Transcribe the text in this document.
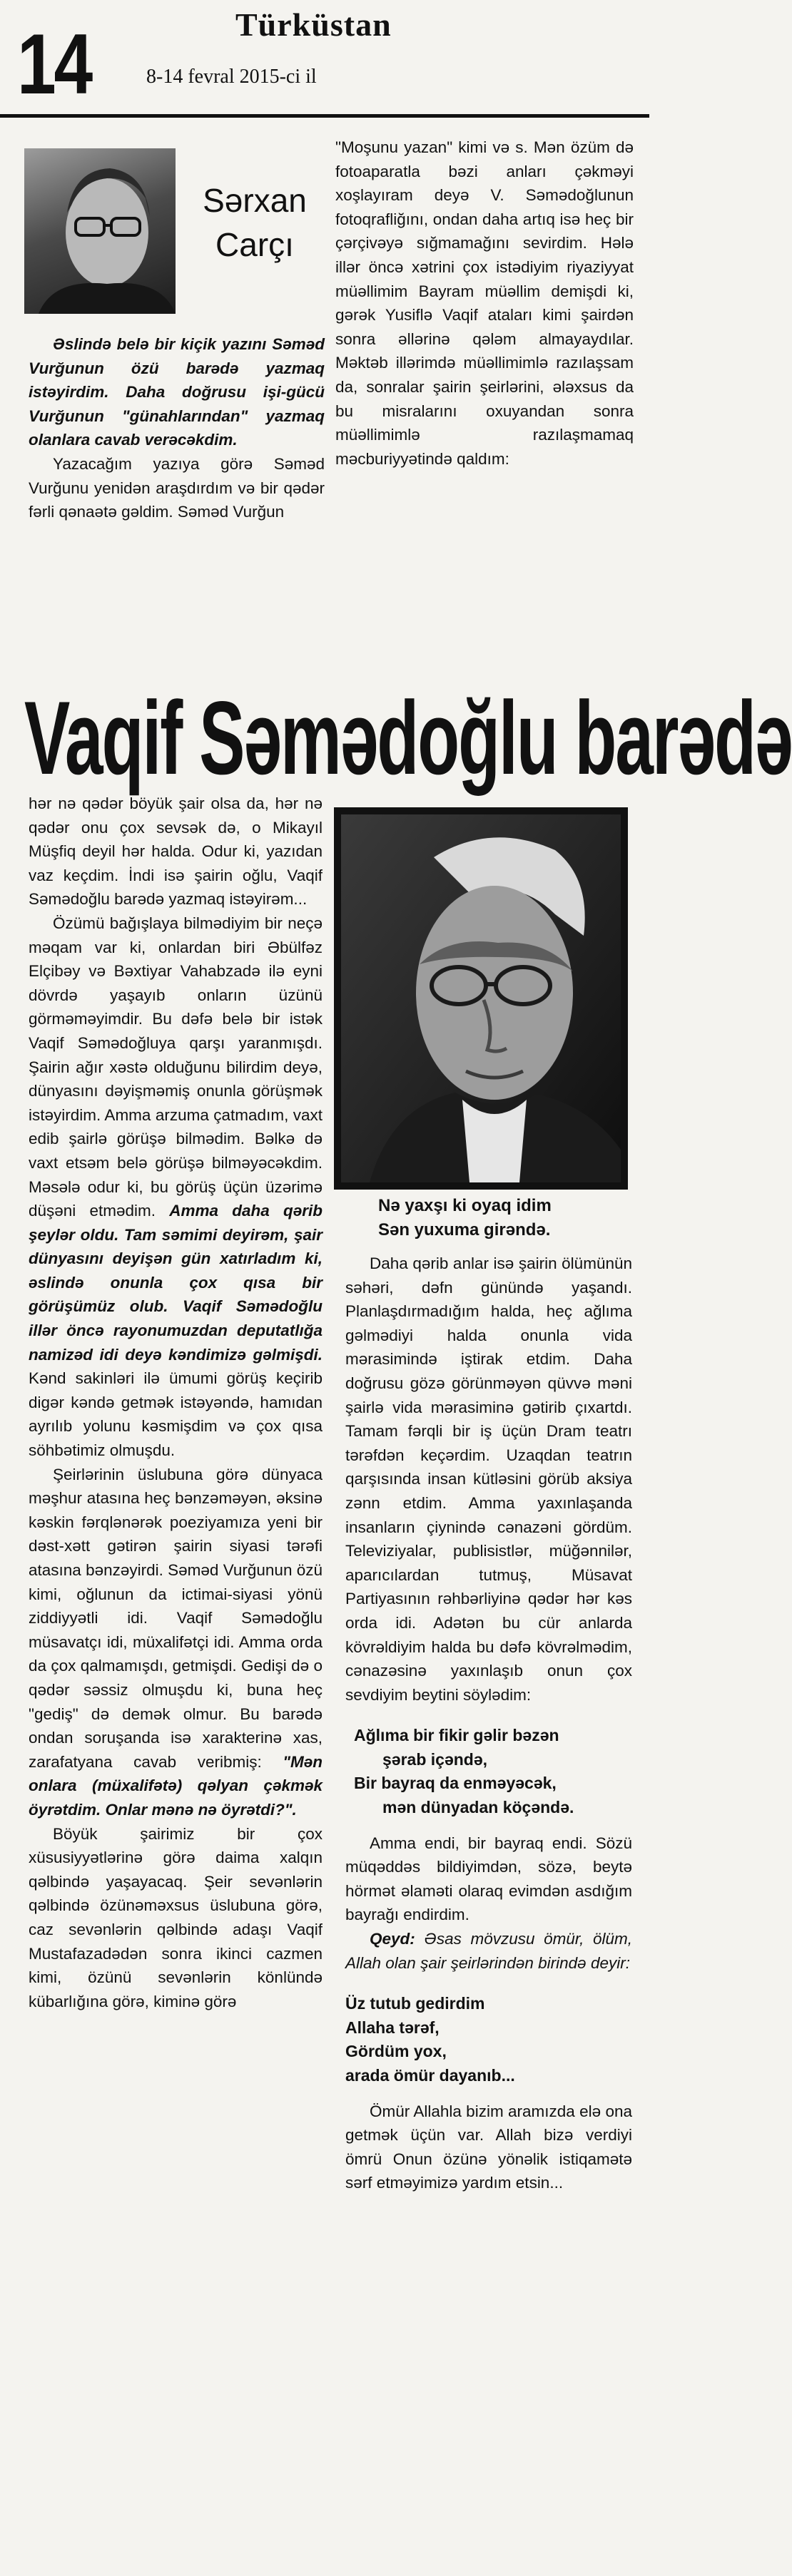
14	Türküstan
8-14 fevral 2015-ci il
Sərxan
Carçı

Əslində belə bir kiçik yazını Səməd Vurğunun özü barədə yazmaq istəyirdim. Daha doğrusu işi-gücü Vurğunun "günahlarından" yazmaq olanlara cavab verəcəkdim.

Yazacağım yazıya görə Səməd Vurğunu yenidən araşdırdım və bir qədər fərli qənaətə gəldim. Səməd Vurğun

"Moşunu yazan" kimi və s. Mən özüm də fotoaparatla bəzi anları çəkməyi xoşlayıram deyə V. Səmədoğlunun fotoqrafliğını, ondan daha artıq isə heç bir çərçivəyə sığmamağını sevirdim. Hələ illər öncə xətrini çox istədiyim riyaziyyat müəllimim Bayram müəllim demişdi ki, gərək Yusiflə Vaqif ataları kimi şairdən sonra əllərinə qələm almayaydılar. Məktəb illərimdə müəllimimlə razılaşsam da, sonralar şairin şeirlərini, ələxsus da bu misralarını oxuyandan sonra müəllimimlə razılaşmamaq məcburiyyətində qaldım:

Vaqif Səmədoğlu barədə
Nə yaxşı ki oyaq idim
Sən yuxuma girəndə.

hər nə qədər böyük şair olsa da, hər nə qədər onu çox sevsək də, o Mikayıl Müşfiq deyil hər halda. Odur ki, yazıdan vaz keçdim. İndi isə şairin oğlu, Vaqif Səmədoğlu barədə yazmaq istəyirəm...

Özümü bağışlaya bilmədiyim bir neçə məqam var ki, onlardan biri Əbülfəz Elçibəy və Bəxtiyar Vahabzadə ilə eyni dövrdə yaşayıb onların üzünü görməməyimdir. Bu dəfə belə bir istək Vaqif Səmədoğluya qarşı yaranmışdı. Şairin ağır xəstə olduğunu bilirdim deyə, dünyasını dəyişməmiş onunla görüşmək istəyirdim. Amma arzuma çatmadım, vaxt edib şairlə görüşə bilmədim. Bəlkə də vaxt etsəm belə görüşə bilməyəcəkdim. Məsələ odur ki, bu görüş üçün üzərimə düşəni etmədim. Amma daha qərib şeylər oldu. Tam səmimi deyirəm, şair dünyasını deyişən gün xatırladım ki, əslində onunla çox qısa bir görüşümüz olub. Vaqif Səmədoğlu illər öncə rayonumuzdan deputatlığa namizəd idi deyə kəndimizə gəlmişdi. Kənd sakinləri ilə ümumi görüş keçirib digər kəndə getmək istəyəndə, hamıdan ayrılıb yolunu kəsmişdim və çox qısa söhbətimiz olmuşdu.

Şeirlərinin üslubuna görə dünyaca məşhur atasına heç bənzəməyən, əksinə kəskin fərqlənərək poeziyamıza yeni bir dəst-xətt gətirən şairin siyasi tərəfi atasına bənzəyirdi. Səməd Vurğunun özü kimi, oğlunun da ictimai-siyasi yönü ziddiyyətli idi. Vaqif Səmədoğlu müsavatçı idi, müxalifətçi idi. Amma orda da çox qalmamışdı, getmişdi. Gedişi də o qədər səssiz olmuşdu ki, buna heç "gediş" də demək olmur. Bu barədə ondan soruşanda isə xarakterinə xas, zarafatyana cavab veribmiş: "Mən onlara (müxalifətə) qəlyan çəkmək öyrətdim. Onlar mənə nə öyrətdi?".

Böyük şairimiz bir çox xüsusiyyətlərinə görə daima xalqın qəlbində yaşayacaq. Şeir sevənlərin qəlbində özünəməxsus üslubuna görə, caz sevənlərin qəlbində adaşı Vaqif Mustafazadədən sonra ikinci cazmen kimi, özünü sevənlərin könlündə kübarlığına görə, kiminə görə

Daha qərib anlar isə şairin ölümünün səhəri, dəfn günündə yaşandı. Planlaşdırmadığım halda, heç ağlıma gəlmədiyi halda onunla vida mərasimində iştirak etdim. Daha doğrusu gözə görünməyən qüvvə məni şairlə vida mərasiminə gətirib çıxartdı. Tamam fərqli bir iş üçün Dram teatrı tərəfdən keçərdim. Uzaqdan teatrın qarşısında insan kütləsini görüb aksiya zənn etdim. Amma yaxınlaşanda insanların çiynində cənazəni gördüm. Televiziyalar, publisistlər, müğənnilər, aparıcılardan tutmuş, Müsavat Partiyasının rəhbərliyinə qədər hər kəs orda idi. Adətən bu cür anlarda kövrəldiyim halda bu dəfə kövrəlmədim, cənazəsinə yaxınlaşıb onun çox sevdiyim beytini söylədim:

Ağlıma bir fikir gəlir bəzən
şərab içəndə,
Bir bayraq da enməyəcək,
mən dünyadan köçəndə.

Amma endi, bir bayraq endi. Sözü müqəddəs bildiyimdən, sözə, beytə hörmət əlaməti olaraq evimdən asdığım bayrağı endirdim.

Qeyd: Əsas mövzusu ömür, ölüm, Allah olan şair şeirlərindən birində deyir:

Üz tutub gedirdim
Allaha tərəf,
Gördüm yox,
arada ömür dayanıb...

Ömür Allahla bizim aramızda elə ona getmək üçün var. Allah bizə verdiyi ömrü Onun özünə yönəlik istiqamətə sərf etməyimizə yardım etsin...
